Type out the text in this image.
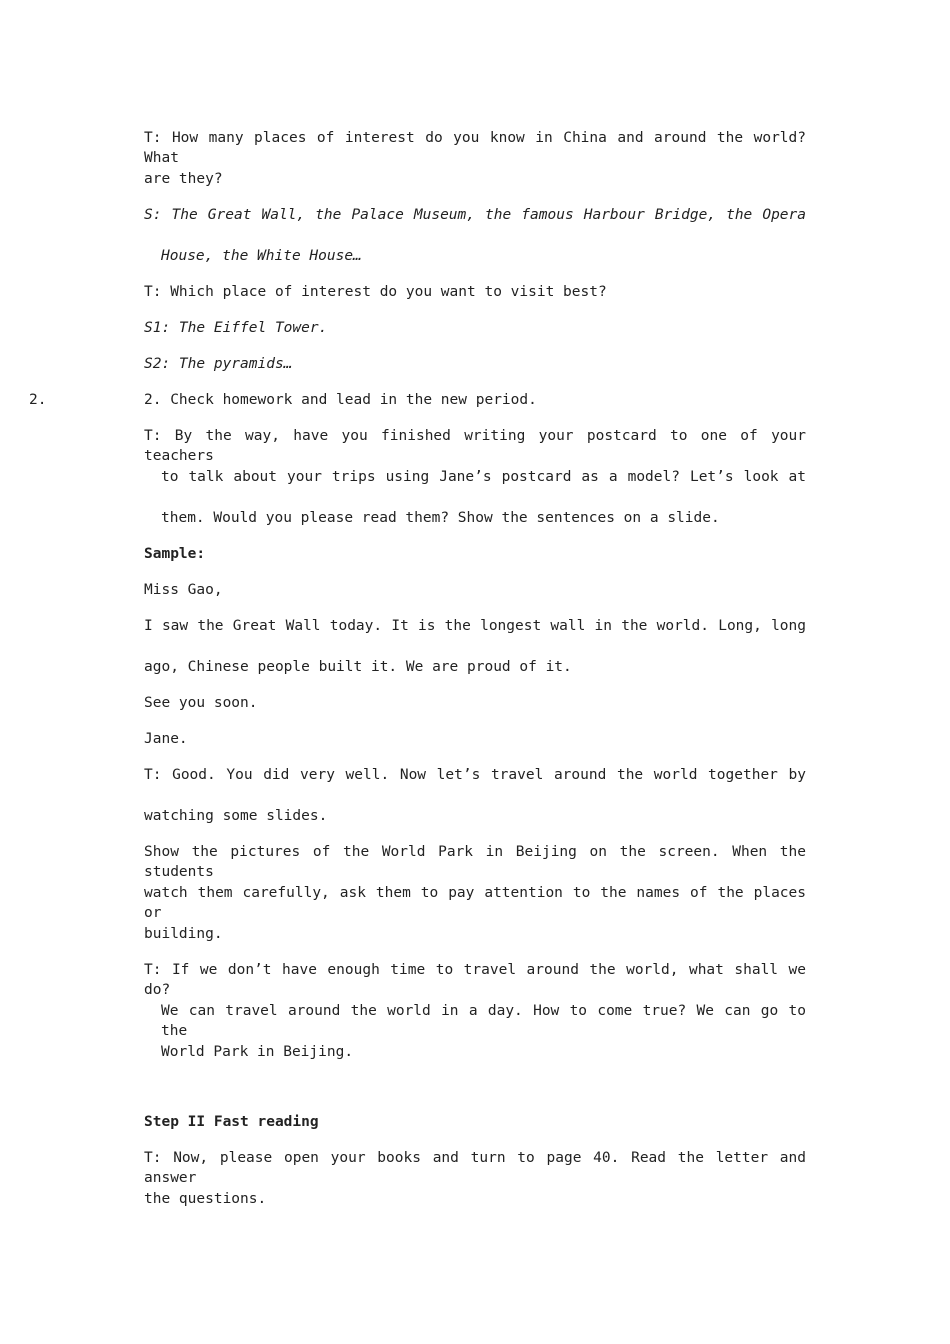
T: How many places of interest do you know in China and around the world? What
are they?
S: The Great Wall, the Palace Museum, the famous Harbour Bridge, the Opera
House, the White House…
T: Which place of interest do you want to visit best?
S1: The Eiffel Tower.
S2: The pyramids…
2.	2. Check homework and lead in the new period.
T: By the way, have you finished writing your postcard to one of your teachers
to talk about your trips using Jane’s postcard as a model? Let’s look at
them. Would you please read them? Show the sentences on a slide.
Sample:
Miss Gao,
I saw the Great Wall today. It is the longest wall in the world. Long, long
ago, Chinese people built it. We are proud of it.
See you soon.
Jane.
T: Good. You did very well. Now let’s travel around the world together by
watching some slides.
Show the pictures of the World Park in Beijing on the screen. When the students
watch them carefully, ask them to pay attention to the names of the places or
building.
T: If we don’t have enough time to travel around the world, what shall we do?
We can travel around the world in a day. How to come true? We can go to the
World Park in Beijing.
Step II Fast reading
T: Now, please open your books and turn to page 40. Read the letter and answer
the questions.
